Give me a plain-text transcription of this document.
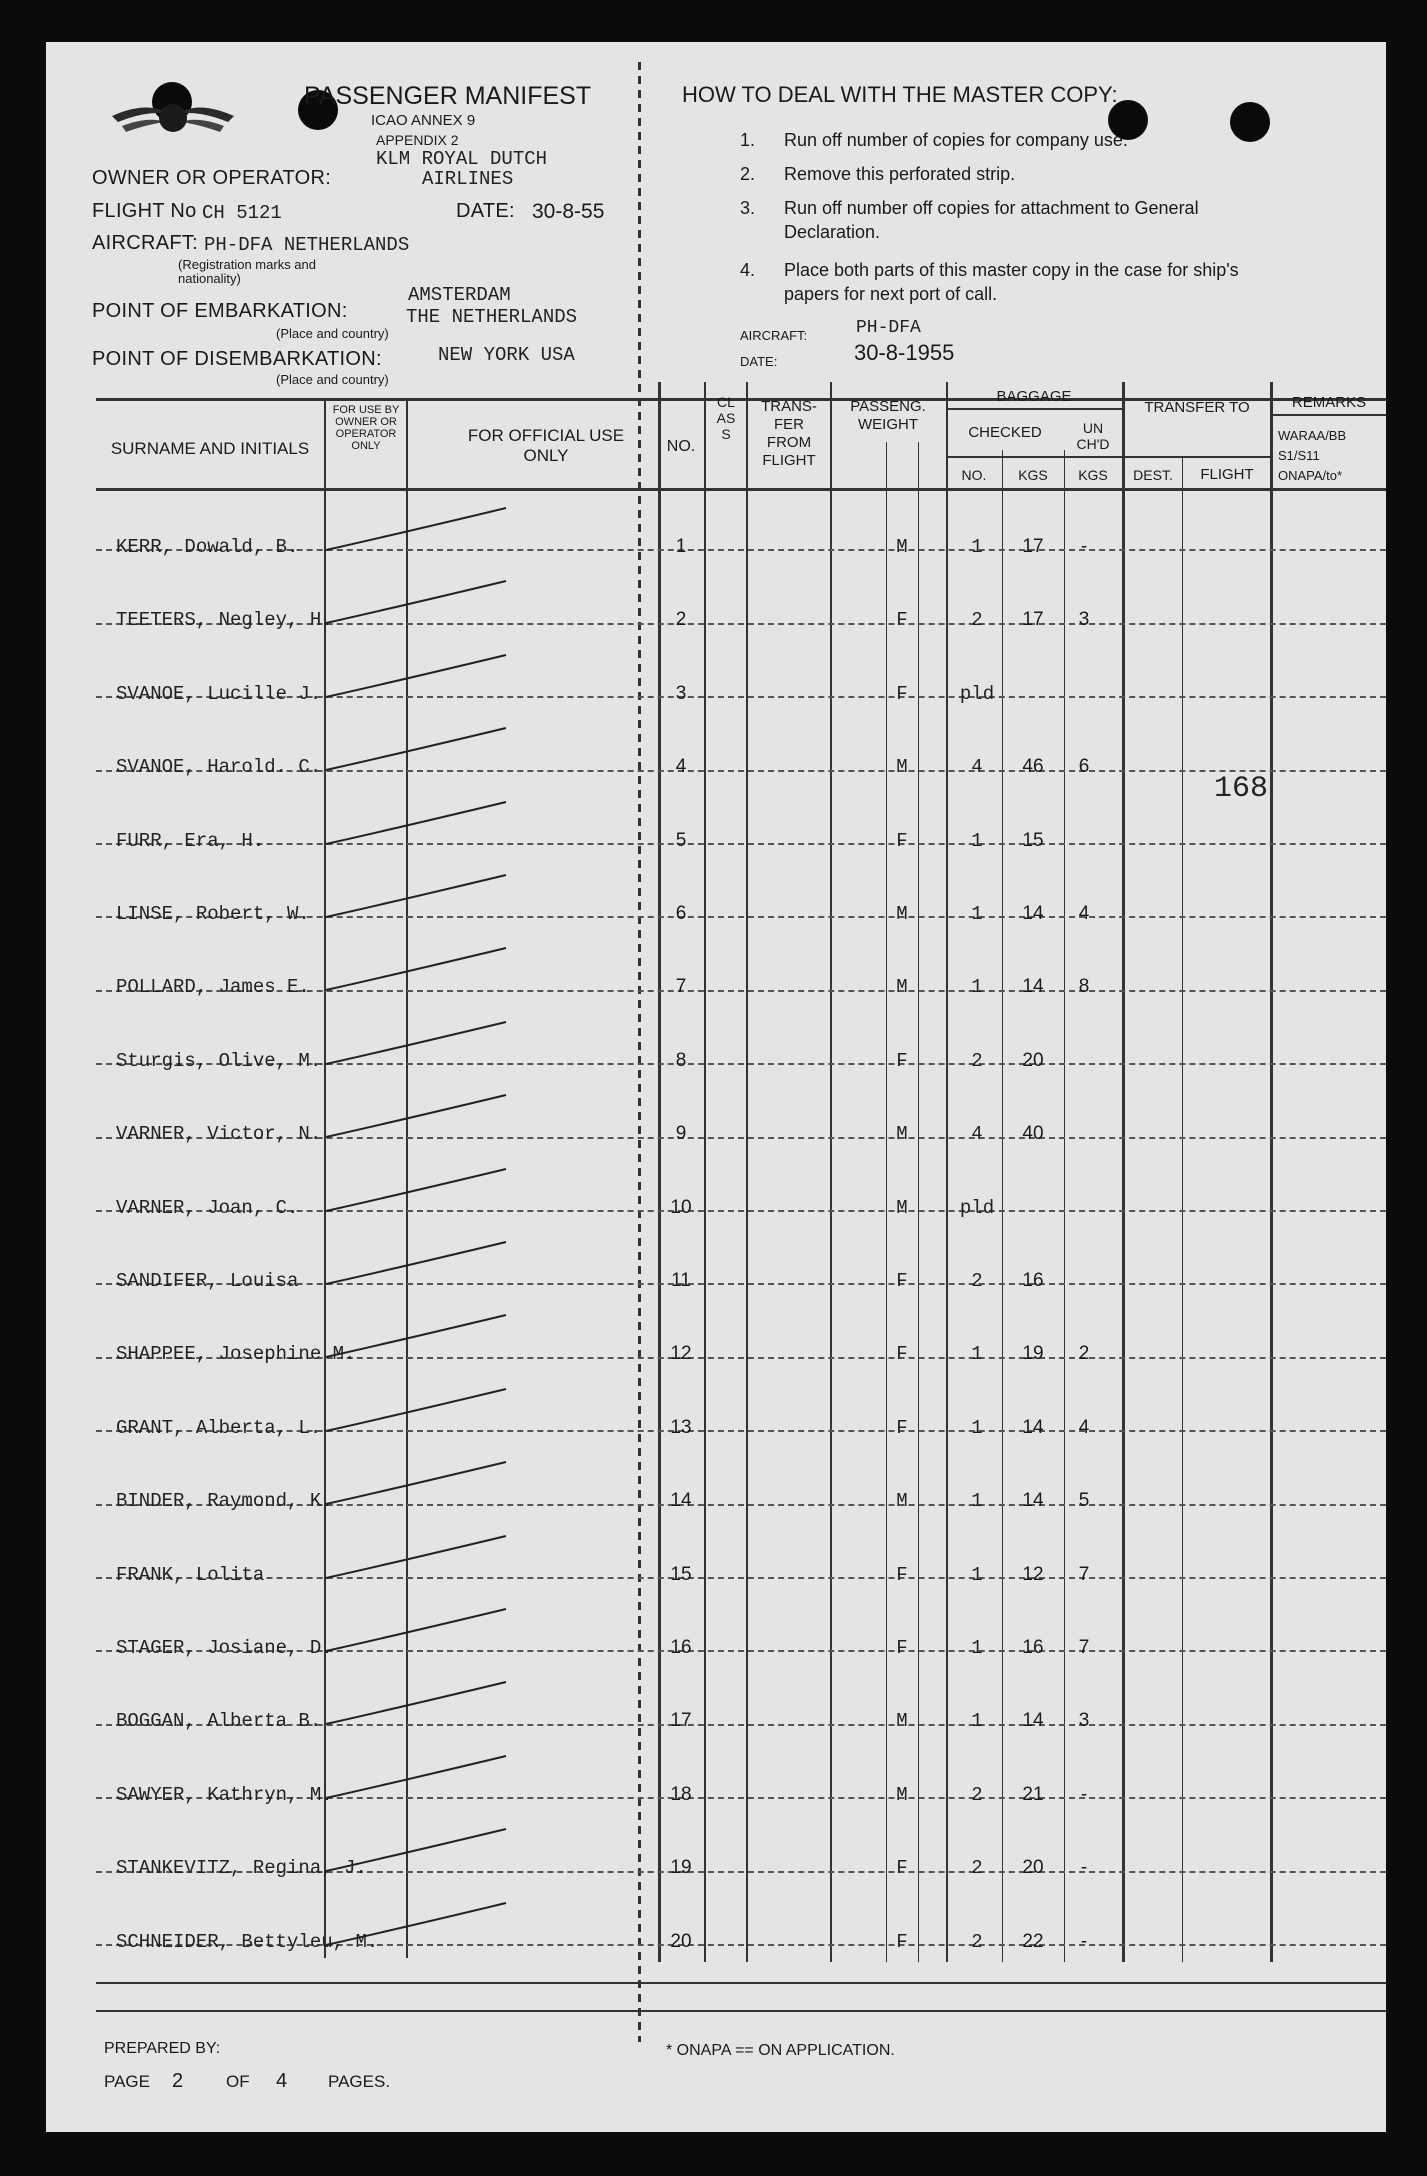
PASSENGER MANIFEST
ICAO ANNEX 9
APPENDIX 2
OWNER OR OPERATOR:
KLM ROYAL DUTCH
AIRLINES
FLIGHT No CH 5121	DATE: 30-8-55
AIRCRAFT: PH-DFA NETHERLANDS
(Registration marks and nationality)
POINT OF EMBARKATION:
AMSTERDAM
THE NETHERLANDS
(Place and country)
POINT OF DISEMBARKATION:	NEW YORK USA
(Place and country)
HOW TO DEAL WITH THE MASTER COPY:
1. Run off number of copies for company use.
2. Remove this perforated strip.
3. Run off number off copies for attachment to General
Declaration.
4. Place both parts of this master copy in the case for ship's
papers for next port of call.
AIRCRAFT:	PH-DFA
DATE:	30-8-1955
SURNAME AND INITIALS
FOR USE BY OWNER OR OPERATOR ONLY
FOR OFFICIAL USE ONLY	NO.
CLASS
TRANS- FER FROM FLIGHT
PASSENG. WEIGHT
BAGGAGE
CHECKED
NO.	KGS
UN CH'D
KGS
TRANSFER TO
DEST.	FLIGHT
REMARKS
WARAA/BB S1/S11 ONAPA/to*
KERR, Dowald, B.	1	M	1	17	-
TEETERS, Negley, H.	2	F	2	17	3
SVANOE, Lucille J.	3	F	pld
SVANOE, Harold. C.	4	M	4	46	6
FURR, Era, H.	5	F	1	15
LINSE, Robert, W.	6	M	1	14	4
POLLARD, James E.	7	M	1	14	8
Sturgis, Olive, M.	8	F	2	20
VARNER, Victor, N.	9	M	4	40
VARNER, Joan, C.	10	M	pld
SANDIFER, Louisa	11	F	2	16
SHAPPEE, Josephine M.	12	F	1	19	2
GRANT, Alberta, L.	13	F	1	14	4
BINDER, Raymond, K.	14	M	1	14	5
FRANK, Lolita	15	F	1	12	7
STAGER, Josiane, D.	16	F	1	16	7
BOGGAN, Alberta B.	17	M	1	14	3
SAWYER, Kathryn, M.	18	M	2	21	-
STANKEVITZ, Regina, J.	19	F	2	20	-
SCHNEIDER, Bettyleu, M.	20	F	2	22	-
168
PREPARED BY:
PAGE 2	OF 4 PAGES.
* ONAPA == ON APPLICATION.
